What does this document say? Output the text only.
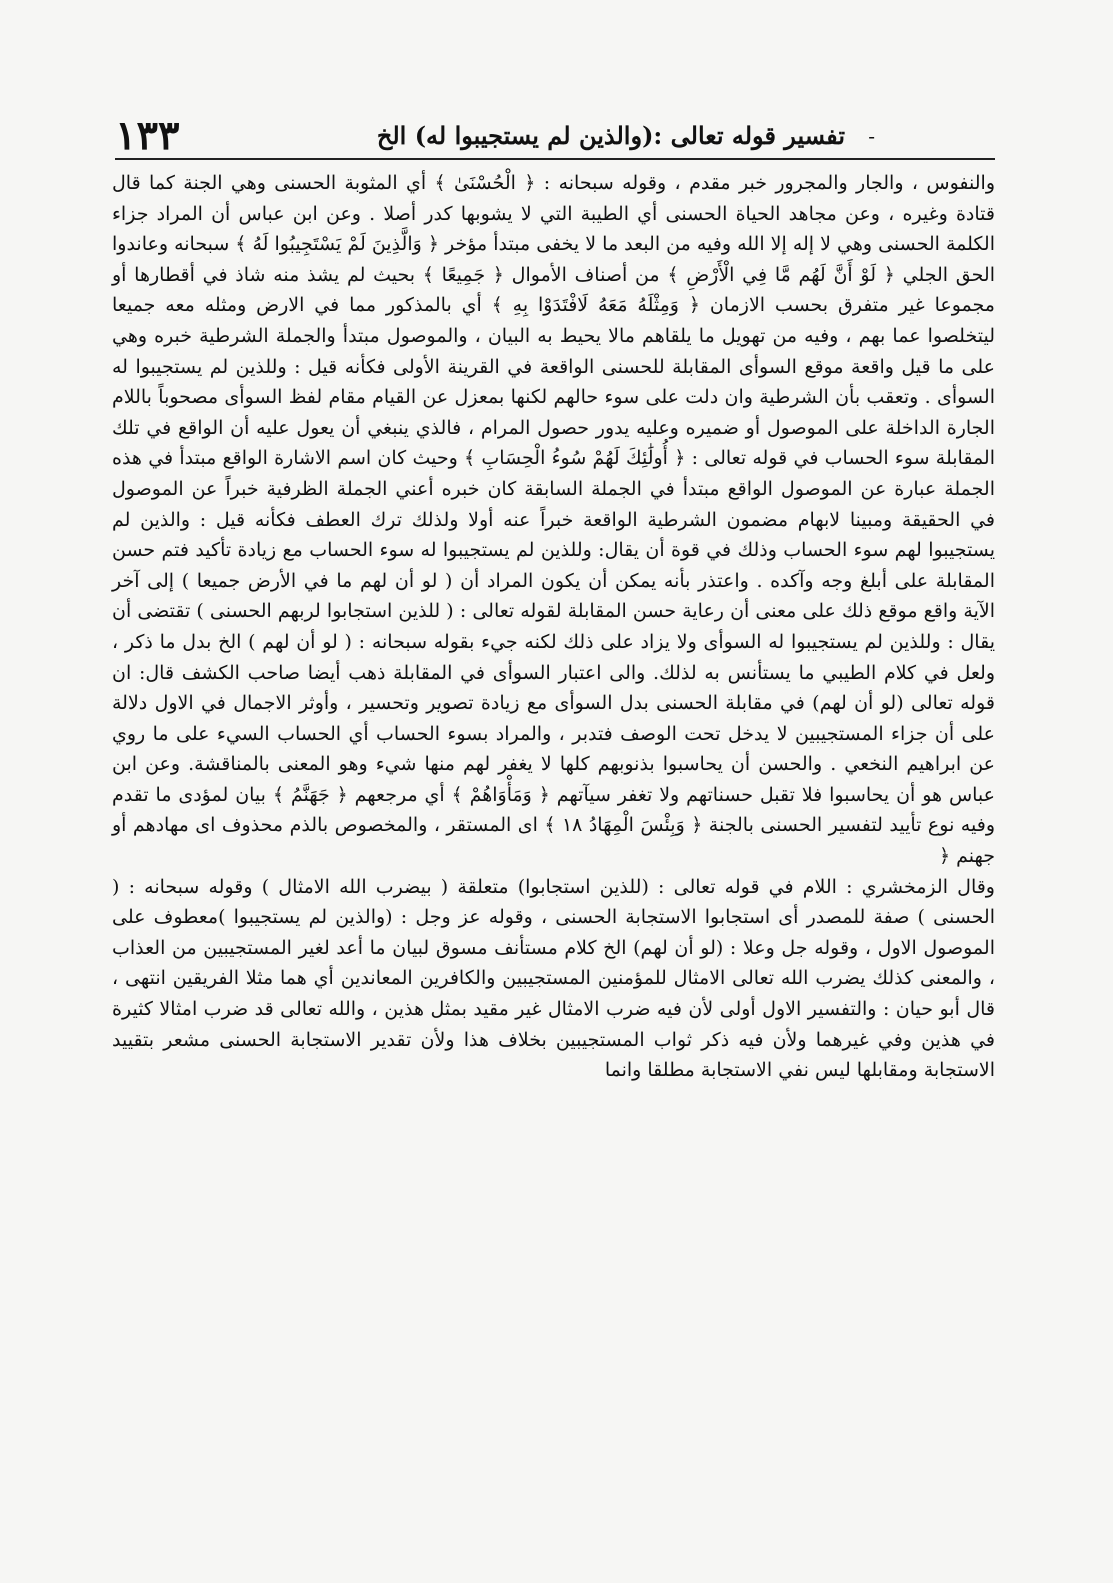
١٣٣	-
تفسير قوله تعالى :(والذين لم يستجيبوا له) الخ

والنفوس ، والجار والمجرور خبر مقدم ، وقوله سبحانه : ﴿ الْحُسْنَىٰ ﴾ أي المثوبة الحسنى وهي الجنة كما قال قتادة وغيره ، وعن مجاهد الحياة الحسنى أي الطيبة التي لا يشوبها كدر أصلا . وعن ابن عباس أن المراد جزاء الكلمة الحسنى وهي لا إله إلا الله وفيه من البعد ما لا يخفى مبتدأ مؤخر ﴿ وَالَّذِينَ لَمْ يَسْتَجِيبُوا لَهُ ﴾ سبحانه وعاندوا الحق الجلي ﴿ لَوْ أَنَّ لَهُم مَّا فِي الْأَرْضِ ﴾ من أصناف الأموال ﴿ جَمِيعًا ﴾ بحيث لم يشذ منه شاذ في أقطارها أو مجموعا غير متفرق بحسب الازمان ﴿ وَمِثْلَهُ مَعَهُ لَافْتَدَوْا بِهِ ﴾ أي بالمذكور مما في الارض ومثله معه جميعا ليتخلصوا عما بهم ، وفيه من تهويل ما يلقاهم مالا يحيط به البيان ، والموصول مبتدأ والجملة الشرطية خبره وهي على ما قيل واقعة موقع السوأى المقابلة للحسنى الواقعة في القرينة الأولى فكأنه قيل : وللذين لم يستجيبوا له السوأى . وتعقب بأن الشرطية وان دلت على سوء حالهم لكنها بمعزل عن القيام مقام لفظ السوأى مصحوباً باللام الجارة الداخلة على الموصول أو ضميره وعليه يدور حصول المرام ، فالذي ينبغي أن يعول عليه أن الواقع في تلك المقابلة سوء الحساب في قوله تعالى : ﴿ أُولَٰئِكَ لَهُمْ سُوءُ الْحِسَابِ ﴾ وحيث كان اسم الاشارة الواقع مبتدأ في هذه الجملة عبارة عن الموصول الواقع مبتدأ في الجملة السابقة كان خبره أعني الجملة الظرفية خبراً عن الموصول في الحقيقة ومبينا لابهام مضمون الشرطية الواقعة خبراً عنه أولا ولذلك ترك العطف فكأنه قيل : والذين لم يستجيبوا لهم سوء الحساب وذلك في قوة أن يقال: وللذين لم يستجيبوا له سوء الحساب مع زيادة تأكيد فتم حسن المقابلة على أبلغ وجه وآكده . واعتذر بأنه يمكن أن يكون المراد أن ( لو أن لهم ما في الأرض جميعا ) إلى آخر الآية واقع موقع ذلك على معنى أن رعاية حسن المقابلة لقوله تعالى : ( للذين استجابوا لربهم الحسنى ) تقتضى أن يقال : وللذين لم يستجيبوا له السوأى ولا يزاد على ذلك لكنه جيء بقوله سبحانه : ( لو أن لهم ) الخ بدل ما ذكر ، ولعل في كلام الطيبي ما يستأنس به لذلك. والى اعتبار السوأى في المقابلة ذهب أيضا صاحب الكشف قال: ان قوله تعالى (لو أن لهم) في مقابلة الحسنى بدل السوأى مع زيادة تصوير وتحسير ، وأوثر الاجمال في الاول دلالة على أن جزاء المستجيبين لا يدخل تحت الوصف فتدبر ، والمراد بسوء الحساب أي الحساب السيء على ما روي عن ابراهيم النخعي . والحسن أن يحاسبوا بذنوبهم كلها لا يغفر لهم منها شيء وهو المعنى بالمناقشة. وعن ابن عباس هو أن يحاسبوا فلا تقبل حسناتهم ولا تغفر سيآتهم ﴿ وَمَأْوَاهُمْ ﴾ أي مرجعهم ﴿ جَهَنَّمُ ﴾ بيان لمؤدى ما تقدم وفيه نوع تأييد لتفسير الحسنى بالجنة ﴿ وَبِئْسَ الْمِهَادُ ١٨ ﴾ اى المستقر ، والمخصوص بالذم محذوف اى مهادهم أو جهنم ﴿

وقال الزمخشري : اللام في قوله تعالى : (للذين استجابوا) متعلقة ( بيضرب الله الامثال ) وقوله سبحانه : ( الحسنى ) صفة للمصدر أى استجابوا الاستجابة الحسنى ، وقوله عز وجل : (والذين لم يستجيبوا )معطوف على الموصول الاول ، وقوله جل وعلا : (لو أن لهم) الخ كلام مستأنف مسوق لبيان ما أعد لغير المستجيبين من العذاب ، والمعنى كذلك يضرب الله تعالى الامثال للمؤمنين المستجيبين والكافرين المعاندين أي هما مثلا الفريقين انتهى ، قال أبو حيان : والتفسير الاول أولى لأن فيه ضرب الامثال غير مقيد بمثل هذين ، والله تعالى قد ضرب امثالا كثيرة في هذين وفي غيرهما ولأن فيه ذكر ثواب المستجيبين بخلاف هذا ولأن تقدير الاستجابة الحسنى مشعر بتقييد الاستجابة ومقابلها ليس نفي الاستجابة مطلقا وانما
